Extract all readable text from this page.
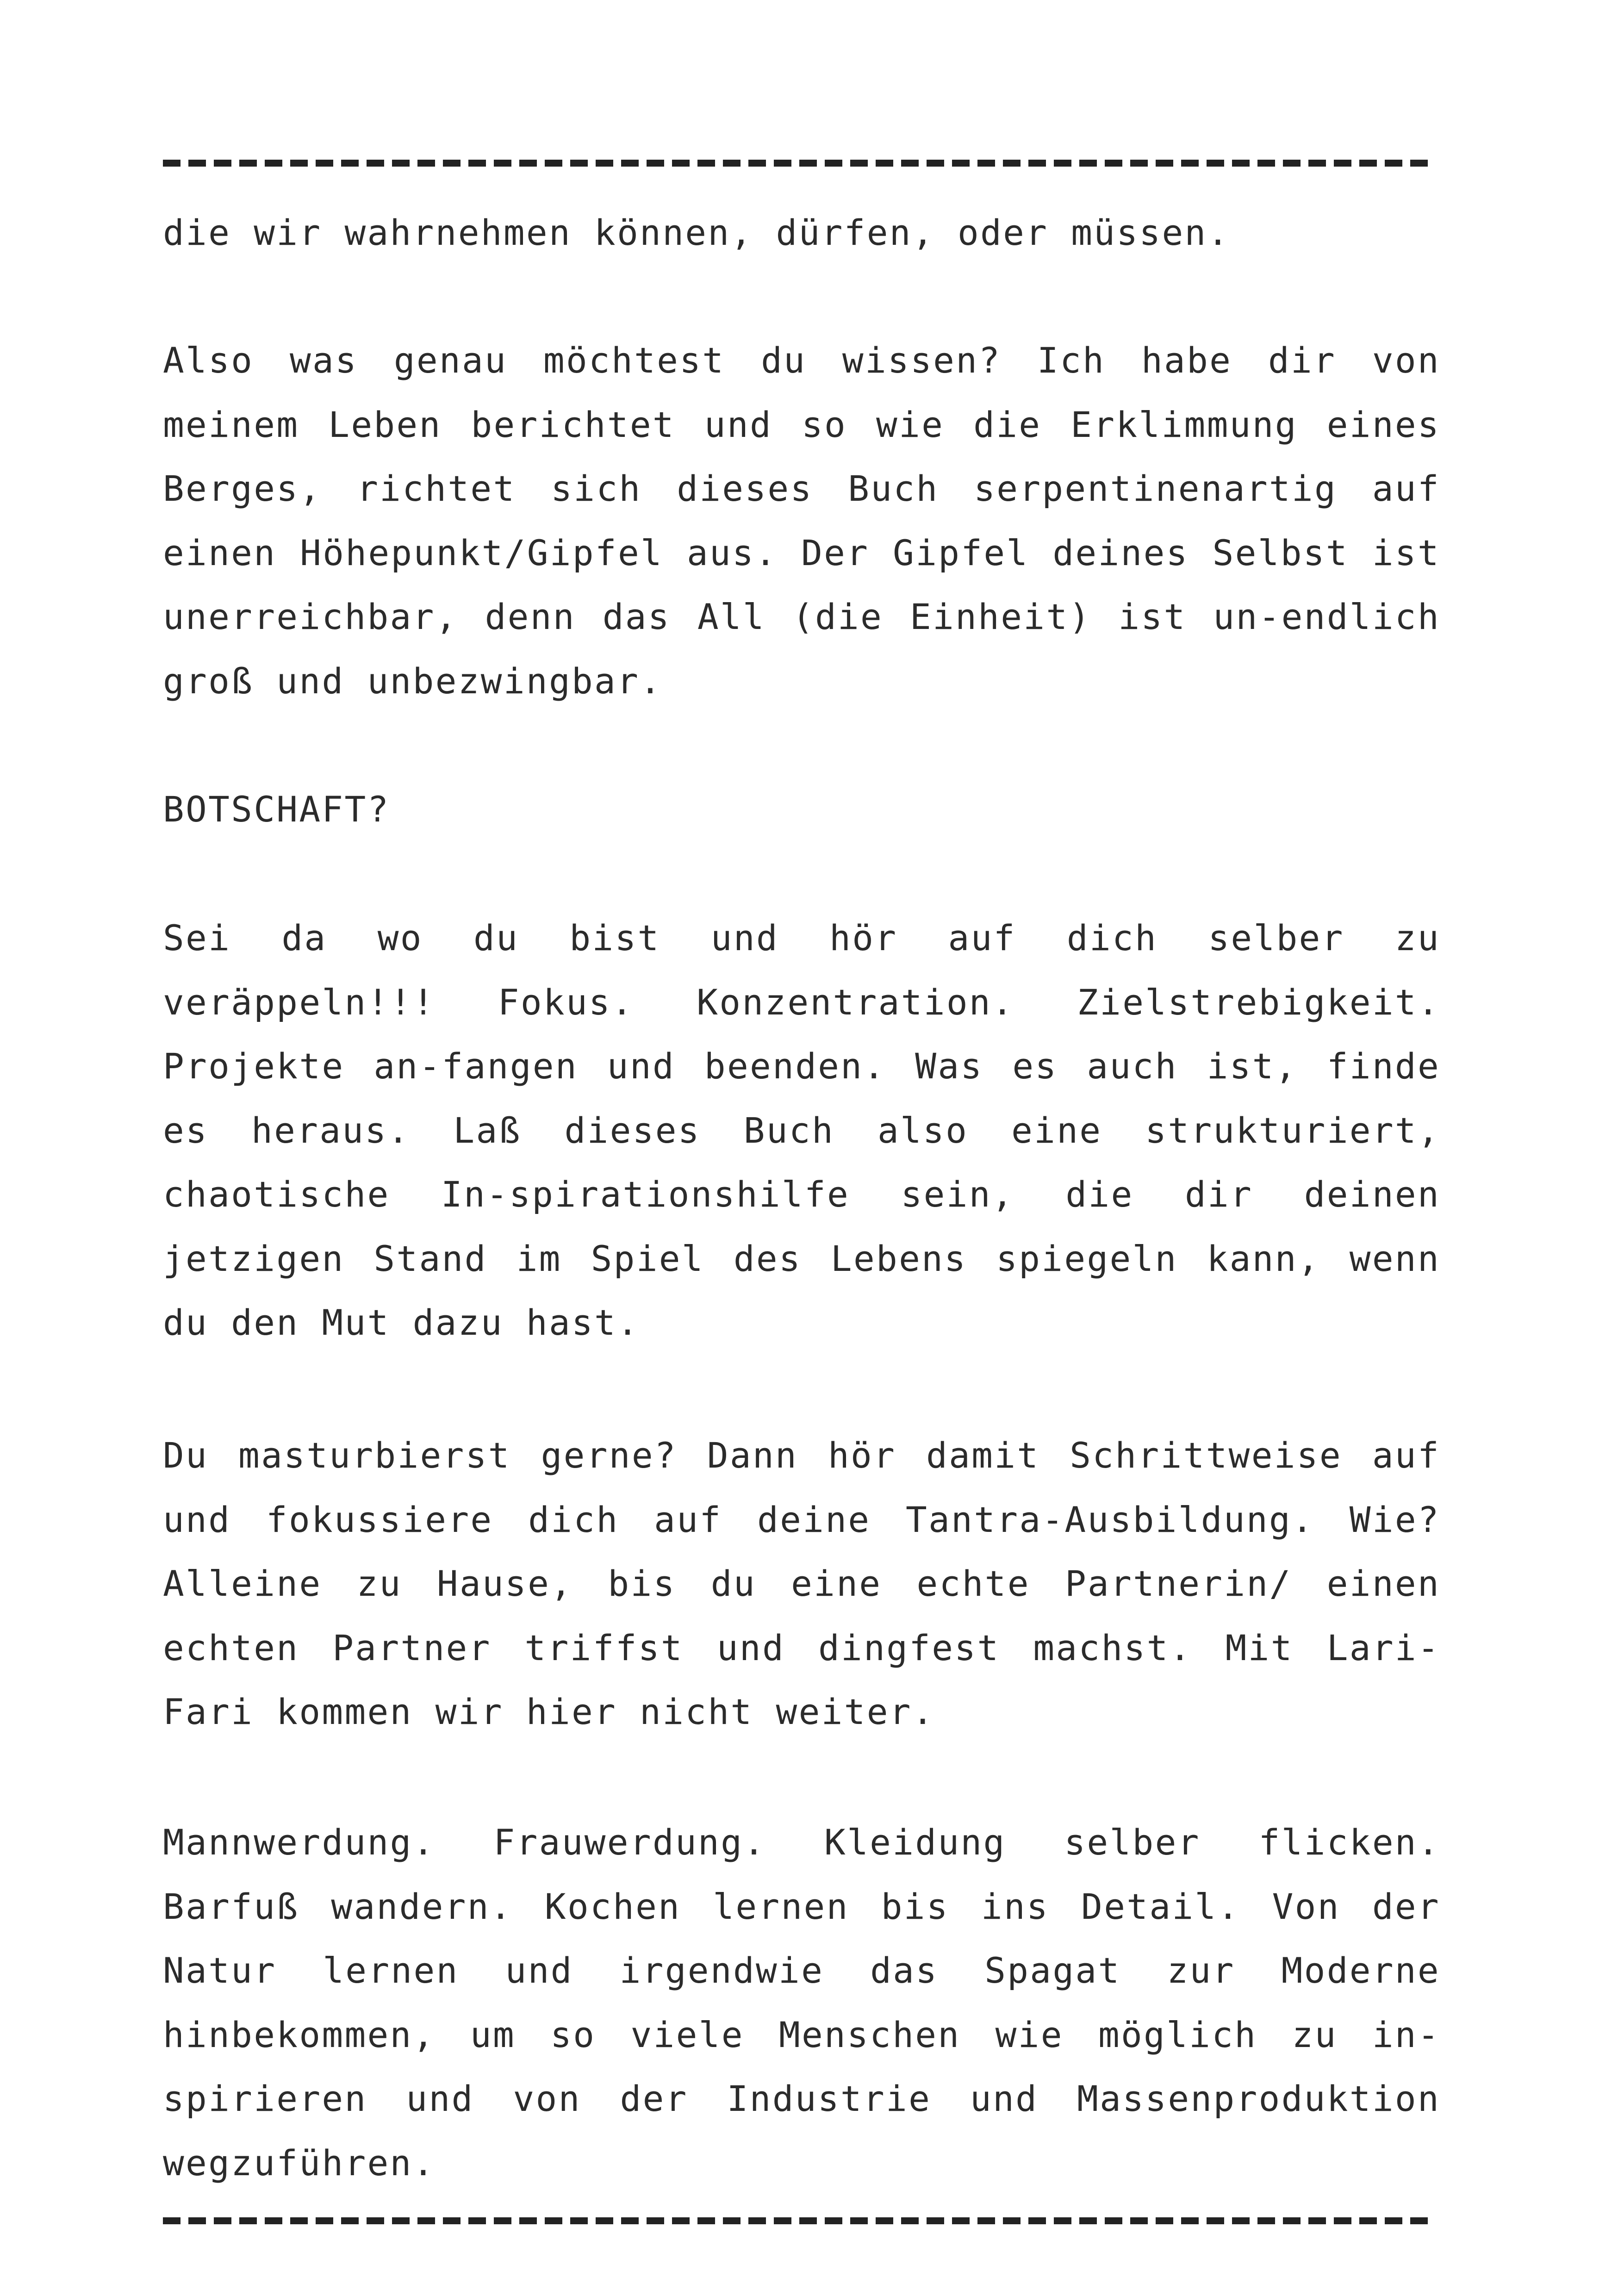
die wir wahrnehmen können, dürfen, oder müssen.

Also was genau möchtest du wissen? Ich habe dir von meinem Leben berichtet und so wie die Erklimmung eines Berges, richtet sich dieses Buch serpentinenartig auf einen Höhepunkt/Gipfel aus. Der Gipfel deines Selbst ist unerreichbar, denn das All (die Einheit) ist un-endlich groß und unbezwingbar.

BOTSCHAFT?

Sei da wo du bist und hör auf dich selber zu veräppeln!!! Fokus. Konzentration. Zielstrebigkeit. Projekte an-fangen und beenden. Was es auch ist, finde es heraus. Laß dieses Buch also eine strukturiert, chaotische In-spirationshilfe sein, die dir deinen jetzigen Stand im Spiel des Lebens spiegeln kann, wenn du den Mut dazu hast.

Du masturbierst gerne? Dann hör damit Schrittweise auf und fokussiere dich auf deine Tantra-Ausbildung. Wie? Alleine zu Hause, bis du eine echte Partnerin/ einen echten Partner triffst und dingfest machst. Mit Lari-Fari kommen wir hier nicht weiter.

Mannwerdung. Frauwerdung. Kleidung selber flicken. Barfuß wandern. Kochen lernen bis ins Detail. Von der Natur lernen und irgendwie das Spagat zur Moderne hinbekommen, um so viele Menschen wie möglich zu in-spirieren und von der Industrie und Massenproduktion wegzuführen.
